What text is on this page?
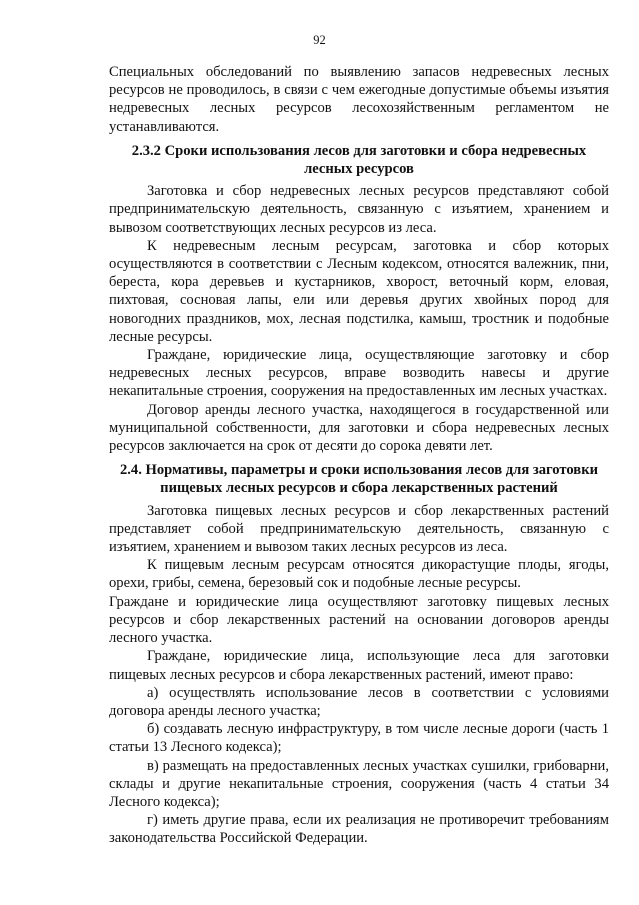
92

Специальных обследований по выявлению запасов недревесных лесных ресурсов не проводилось, в связи с чем ежегодные допустимые объемы изъятия недревесных лесных ресурсов лесохозяйственным регламентом не устанавливаются.

2.3.2 Сроки использования лесов для заготовки и сбора недревесных лесных ресурсов

Заготовка и сбор недревесных лесных ресурсов представляют собой предпринимательскую деятельность, связанную с изъятием, хранением и вывозом соответствующих лесных ресурсов из леса.

К недревесным лесным ресурсам, заготовка и сбор которых осуществляются в соответствии с Лесным кодексом, относятся валежник, пни, береста, кора деревьев и кустарников, хворост, веточный корм, еловая, пихтовая, сосновая лапы, ели или деревья других хвойных пород для новогодних праздников, мох, лесная подстилка, камыш, тростник и подобные лесные ресурсы.

Граждане, юридические лица, осуществляющие заготовку и сбор недревесных лесных ресурсов, вправе возводить навесы и другие некапитальные строения, сооружения на предоставленных им лесных участках.

Договор аренды лесного участка, находящегося в государственной или муниципальной собственности, для заготовки и сбора недревесных лесных ресурсов заключается на срок от десяти до сорока девяти лет.

2.4. Нормативы, параметры и сроки использования лесов для заготовки пищевых лесных ресурсов и сбора лекарственных растений

Заготовка пищевых лесных ресурсов и сбор лекарственных растений представляет собой предпринимательскую деятельность, связанную с изъятием, хранением и вывозом таких лесных ресурсов из леса.

К пищевым лесным ресурсам относятся дикорастущие плоды, ягоды, орехи, грибы, семена, березовый сок и подобные лесные ресурсы.

Граждане и юридические лица осуществляют заготовку пищевых лесных ресурсов и сбор лекарственных растений на основании договоров аренды лесного участка.

Граждане, юридические лица, использующие леса для заготовки пищевых лесных ресурсов и сбора лекарственных растений, имеют право:

а) осуществлять использование лесов в соответствии с условиями договора аренды лесного участка;

б) создавать лесную инфраструктуру, в том числе лесные дороги (часть 1 статьи 13 Лесного кодекса);

в) размещать на предоставленных лесных участках сушилки, грибоварни, склады и другие некапитальные строения, сооружения (часть 4 статьи 34 Лесного кодекса);

г) иметь другие права, если их реализация не противоречит требованиям законодательства Российской Федерации.
